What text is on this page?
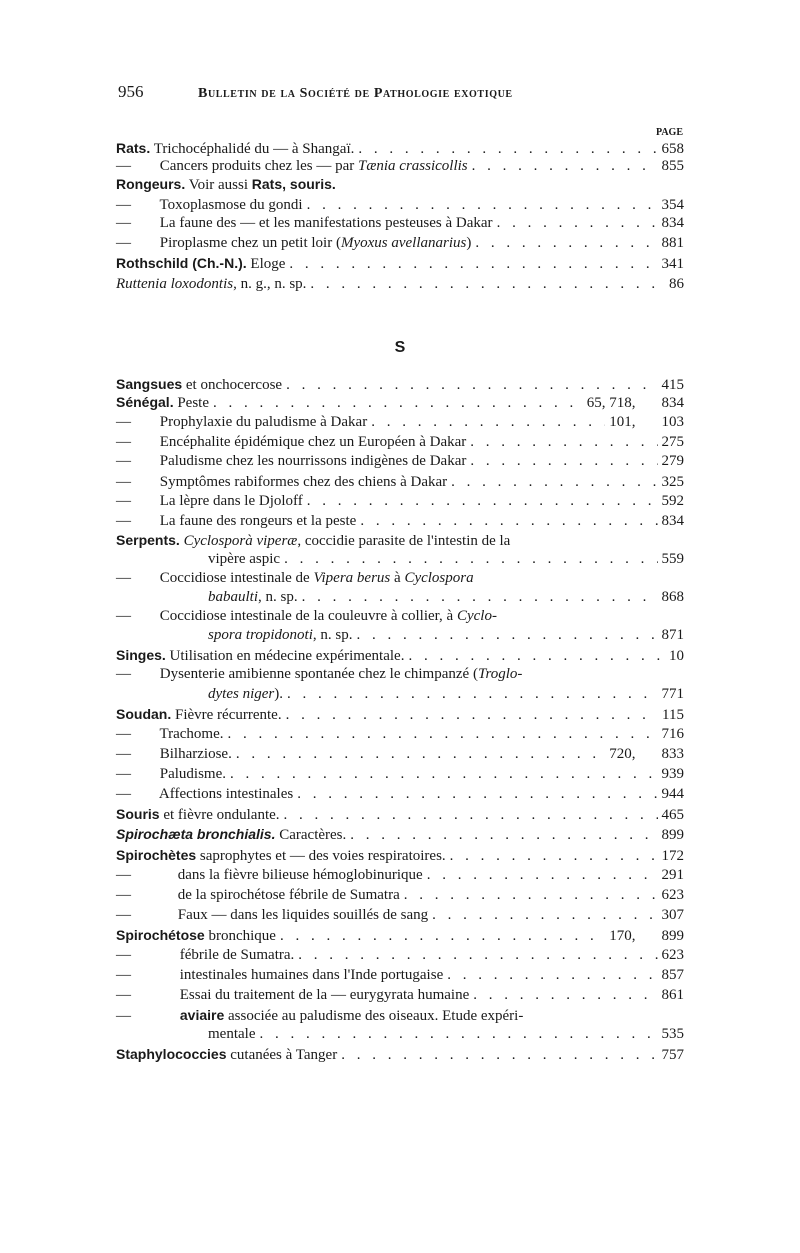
956	Bulletin de la Société de Pathologie exotique
PAGE
S
Rats. Trichocéphalidé du — à Shangaï. . . .	658
— Cancers produits chez les — par Tænia crassicollis . . .	855
Rongeurs. Voir aussi Rats, souris.
— Toxoplasmose du gondi . . .	354
— La faune des — et les manifestations pesteuses à Dakar . . .	834
— Piroplasme chez un petit loir (Myoxus avellanarius) . . .	881
Rothschild (Ch.-N.). Eloge . . .	341
Ruttenia loxodontis, n. g., n. sp. . . .	86
Sangsues et onchocercose . . .	415
Sénégal. Peste . . .	65, 718, 834
— Prophylaxie du paludisme à Dakar . . .	101, 103
— Encéphalite épidémique chez un Européen à Dakar . . .	275
— Paludisme chez les nourrissons indigènes de Dakar . . .	279
— Symptômes rabiformes chez des chiens à Dakar . . .	325
— La lèpre dans le Djoloff . . .	592
— La faune des rongeurs et la peste . . .	834
Serpents. Cyclosporà viperæ, coccidie parasite de l'intestin de la
vipère aspic . . .	559
— Coccidiose intestinale de Vipera berus à Cyclospora
babaulti, n. sp. . . .	868
— Coccidiose intestinale de la couleuvre à collier, à Cyclo-
spora tropidonoti, n. sp. . . .	871
Singes. Utilisation en médecine expérimentale. . . .	10
— Dysenterie amibienne spontanée chez le chimpanzé (Troglo-
dytes niger). . . .	771
Soudan. Fièvre récurrente. . . .	115
— Trachome. . . .	716
— Bilharziose. . . .	720, 833
— Paludisme. . . .	939
— Affections intestinales . . .	944
Souris et fièvre ondulante. . . .	465
Spirochæta bronchialis. Caractères. . . .	899
Spirochètes saprophytes et — des voies respiratoires. . . .	172
—	dans la fièvre bilieuse hémoglobinurique . . .	291
—	de la spirochétose fébrile de Sumatra . . .	623
—	Faux — dans les liquides souillés de sang . . .	307
Spirochétose bronchique . . .	170, 899
—	fébrile de Sumatra. . . .	623
—	intestinales humaines dans l'Inde portugaise . . .	857
—	Essai du traitement de la — eurygyrata humaine . . .	861
—	aviaire associée au paludisme des oiseaux. Etude expéri-
mentale . . .	535
Staphylococcies cutanées à Tanger . . .	757
